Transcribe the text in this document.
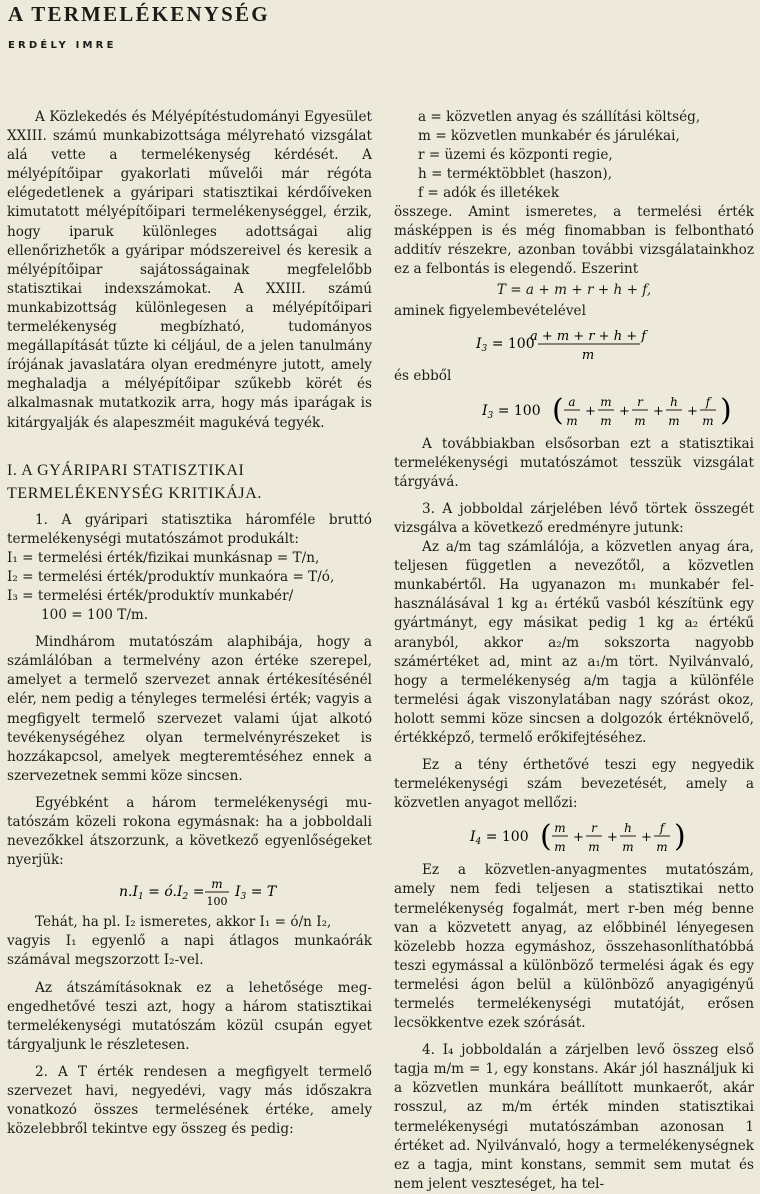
A TERMELÉKENYSÉG
ERDÉLY IMRE

A Közlekedés és Mélyépítéstudományi Egyesület XXIII. számú munkabizottsága mélyreható vizsgálat alá vette a termelékenység kérdését. A mélyépítőipar gyakorlati művelői már régóta elégedetlenek a gyáripari statisztikai kérdőíveken kimutatott mélyépítőipari termelékenységgel, érzik, hogy iparuk különleges adottságai alig ellenőrizhetők a gyáripar módszereivel és keresik a mélyépítőipar sajátosságainak megfelelőbb statisztikai indexszámokat. A XXIII. számú munkabizottság különlegesen a mélyépítőipari termelékenység megbízható, tudományos megállapítását tűzte ki céljául, de a jelen tanulmány írójának javaslatára olyan eredményre jutott, amely meghaladja a mélyépítőipar szűkebb körét és alkalmasnak mutatkozik arra, hogy más iparágak is kitárgyalják és alapeszméit magukévá tegyék.

I. A GYÁRIPARI STATISZTIKAI
TERMELÉKENYSÉG KRITIKÁJA.

1. A gyáripari statisztika háromféle bruttó termelékenységi mutatószámot produkált:

I₁ = termelési érték/fizikai munkásnap = T/n,
I₂ = termelési érték/produktív munkaóra = T/ó,
I₃ = termelési érték/produktív munkabér/
100 = 100 T/m.

Mindhárom mutatószám alaphibája, hogy a számlálóban a termelvény azon értéke szerepel, amelyet a termelő szervezet annak értékesítésénél elér, nem pedig a tényleges termelési érték; vagyis a megfigyelt termelő szervezet valami újat alkotó tevékenységéhez olyan termelvényrészeket is hozzákapcsol, amelyek megteremtéséhez ennek a szervezetnek semmi köze sincsen.

Egyébként a három termelékenységi mutatószám közeli rokona egymásnak: ha a jobboldali nevezőkkel átszorzunk, a következő egyenlőségeket nyerjük:

$n.I_1$ = $ó.I_2 = m$
100
$I_3 = T$

Tehát, ha pl. I₂ ismeretes, akkor I₁ = ó/n I₂,

vagyis I₁ egyenlő a napi átlagos munkaórák számával megszorzott I₂-vel.

Az átszámításoknak ez a lehetősége megengedhetővé teszi azt, hogy a három statisztikai termelékenységi mutatószám közül csupán egyet tárgyaljunk le részletesen.

2. A T érték rendesen a megfigyelt termelő szervezet havi, negyedévi, vagy más időszakra vonatkozó összes termelésének értéke, amely közelebbről tekintve egy összeg és pedig:

a = közvetlen anyag és szállítási költség,
m = közvetlen munkabér és járulékai,
r = üzemi és központi regie,
h = terméktöbblet (haszon),
f = adók és illetékek

összege. Amint ismeretes, a termelési érték másképpen is és még finomabban is felbontható additív részekre, azonban további vizsgálatainkhoz ez a felbontás is elegendő. Eszerint

T = a + m + r + h + f,

aminek figyelembevételével

$I_3 = 100$
a + m + r + h + f
m

és ebből

$I_3 = 100$ ( a
m
+
m
m
+
r
m
+
h
m
+
f
m )

A továbbiakban elsősorban ezt a statisztikai termelékenységi mutatószámot tesszük vizsgálat tárgyává.

3. A jobboldal zárjelében lévő törtek összegét vizsgálva a következő eredményre jutunk:

Az a/m tag számlálója, a közvetlen anyag ára, teljesen független a nevezőtől, a közvetlen munkabértől. Ha ugyanazon m₁ munkabér felhasználásával 1 kg a₁ értékű vasból készítünk egy gyártmányt, egy másikat pedig 1 kg a₂ értékű aranyból, akkor a₂/m sokszorta nagyobb számértéket ad, mint az a₁/m tört. Nyilvánvaló, hogy a termelékenység a/m tagja a különféle termelési ágak viszonylatában nagy szórást okoz, holott semmi köze sincsen a dolgozók értéknövelő, értékképző, termelő erőkifejtéséhez.

Ez a tény érthetővé teszi egy negyedik termelékenységi szám bevezetését, amely a közvetlen anyagot mellőzi:

$I_4 = 100$ ( m
m
+
r
m
+
h
m
+
f
m )

Ez a közvetlen-anyagmentes mutatószám, amely nem fedi teljesen a statisztikai netto termelékenység fogalmát, mert r-ben még benne van a közvetett anyag, az előbbinél lényegesen közelebb hozza egymáshoz, összehasonlíthatóbbá teszi egymással a különböző termelési ágak és egy termelési ágon belül a különböző anyagigényű termelés termelékenységi mutatóját, erősen lecsökkentve ezek szórását.

4. I₄ jobboldalán a zárjelben levő összeg első tagja m/m = 1, egy konstans. Akár jól használjuk ki a közvetlen munkára beállított munkaerőt, akár rosszul, az m/m érték minden statisztikai termelékenységi mutatószámban azonosan 1 értéket ad. Nyilvánvaló, hogy a termelékenységnek ez a tagja, mint konstans, semmit sem mutat és nem jelent veszteséget, ha tel-
